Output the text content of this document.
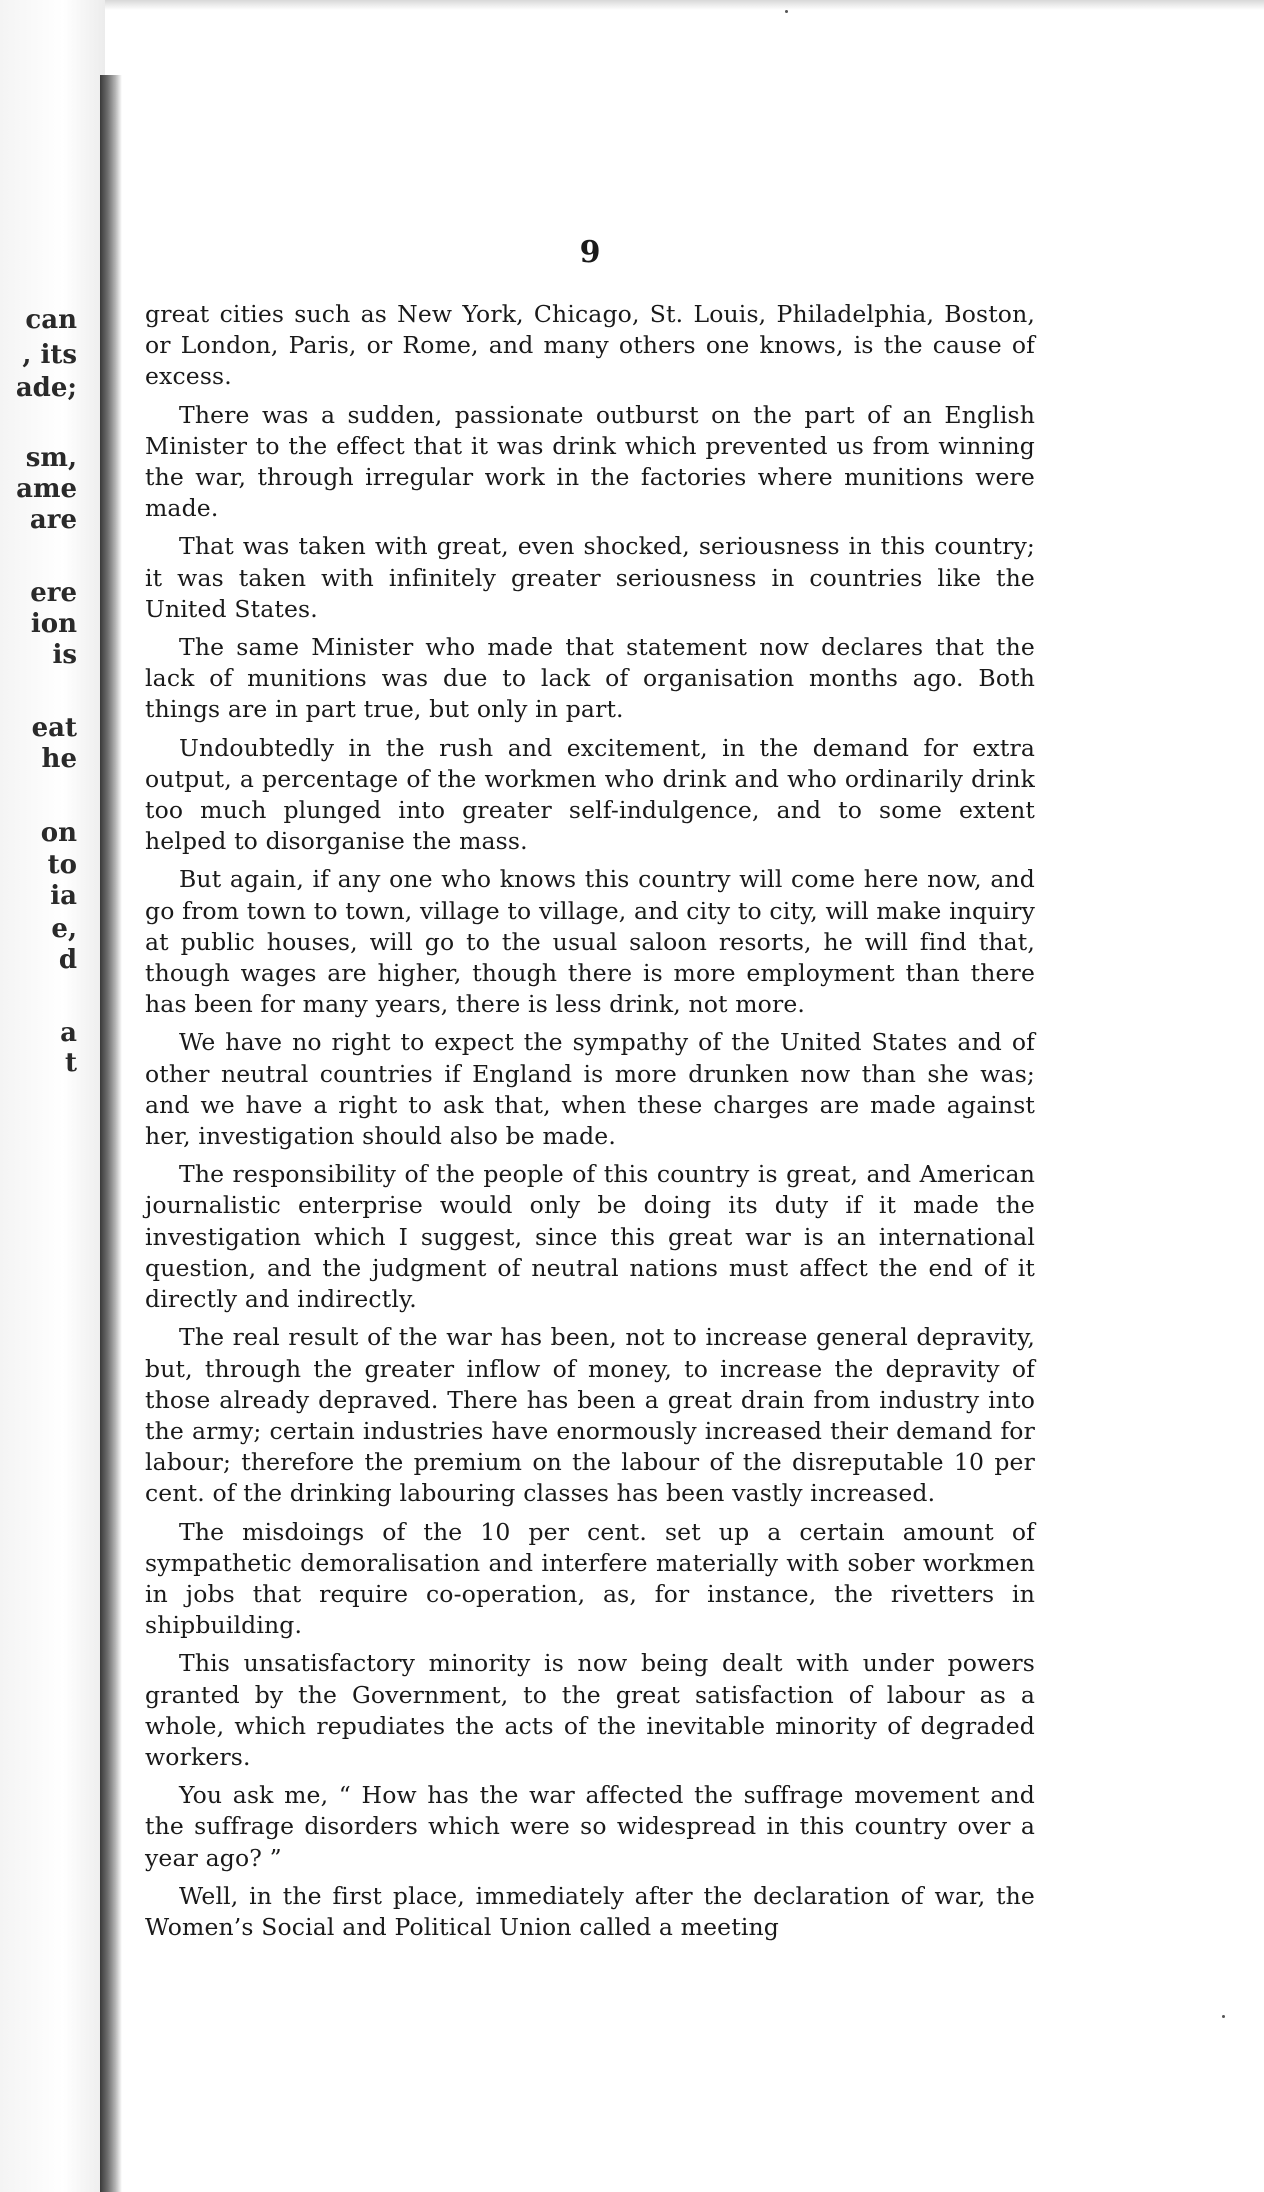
can
, its
ade;
sm,
ame
are
ere
ion
is
eat
he
on
to
ia
e,
d
a
t
9

great cities such as New York, Chicago, St. Louis, Philadelphia, Boston, or London, Paris, or Rome, and many others one knows, is the cause of excess.

There was a sudden, passionate outburst on the part of an English Minister to the effect that it was drink which prevented us from winning the war, through irregular work in the factories where munitions were made.

That was taken with great, even shocked, seriousness in this country; it was taken with infinitely greater seriousness in countries like the United States.

The same Minister who made that statement now declares that the lack of munitions was due to lack of organisation months ago. Both things are in part true, but only in part.

Undoubtedly in the rush and excitement, in the demand for extra output, a percentage of the workmen who drink and who ordinarily drink too much plunged into greater self-indulgence, and to some extent helped to disorganise the mass.

But again, if any one who knows this country will come here now, and go from town to town, village to village, and city to city, will make inquiry at public houses, will go to the usual saloon resorts, he will find that, though wages are higher, though there is more employment than there has been for many years, there is less drink, not more.

We have no right to expect the sympathy of the United States and of other neutral countries if England is more drunken now than she was; and we have a right to ask that, when these charges are made against her, investigation should also be made.

The responsibility of the people of this country is great, and American journalistic enterprise would only be doing its duty if it made the investigation which I suggest, since this great war is an international question, and the judgment of neutral nations must affect the end of it directly and indirectly.

The real result of the war has been, not to increase general depravity, but, through the greater inflow of money, to increase the depravity of those already depraved. There has been a great drain from industry into the army; certain industries have enormously increased their demand for labour; therefore the premium on the labour of the disreputable 10 per cent. of the drinking labouring classes has been vastly increased.

The misdoings of the 10 per cent. set up a certain amount of sympathetic demoralisation and interfere materially with sober workmen in jobs that require co-operation, as, for instance, the rivetters in shipbuilding.

This unsatisfactory minority is now being dealt with under powers granted by the Government, to the great satisfaction of labour as a whole, which repudiates the acts of the inevitable minority of degraded workers.

You ask me, “ How has the war affected the suffrage movement and the suffrage disorders which were so widespread in this country over a year ago? ”

Well, in the first place, immediately after the declaration of war, the Women’s Social and Political Union called a meeting
